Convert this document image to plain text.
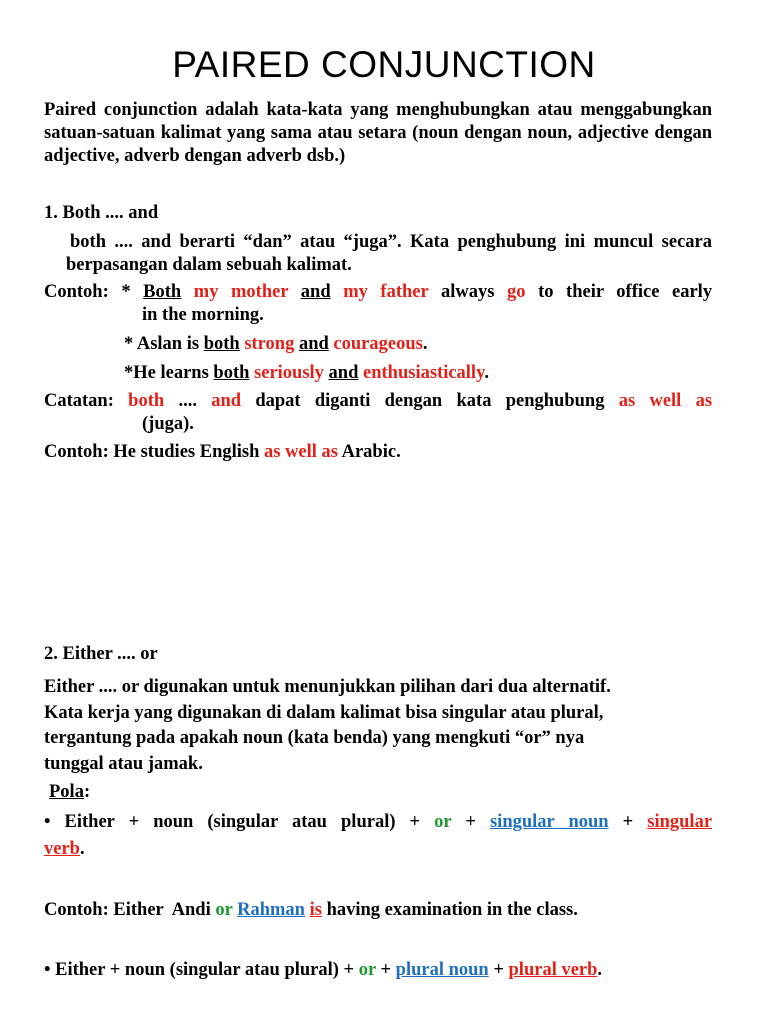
PAIRED CONJUNCTION
Paired conjunction adalah kata-kata yang menghubungkan atau menggabungkan satuan-satuan kalimat yang sama atau setara (noun dengan noun, adjective dengan adjective, adverb dengan adverb dsb.)
1. Both .... and
both .... and berarti “dan” atau “juga”. Kata penghubung ini muncul secara berpasangan dalam sebuah kalimat.
Contoh: * Both my mother and my father always go to their office early
in the morning.
* Aslan is both strong and courageous.
*He learns both seriously and enthusiastically.
Catatan: both .... and dapat diganti dengan kata penghubung as well as
(juga).
Contoh: He studies English as well as Arabic.
2. Either .... or
Either .... or digunakan untuk menunjukkan pilihan dari dua alternatif.
Kata kerja yang digunakan di dalam kalimat bisa singular atau plural,
tergantung pada apakah noun (kata benda) yang mengkuti “or” nya
tunggal atau jamak.
Pola:
• Either + noun (singular atau plural) + or + singular noun + singular
verb.
Contoh: Either  Andi or Rahman is having examination in the class.
• Either + noun (singular atau plural) + or + plural noun + plural verb.
